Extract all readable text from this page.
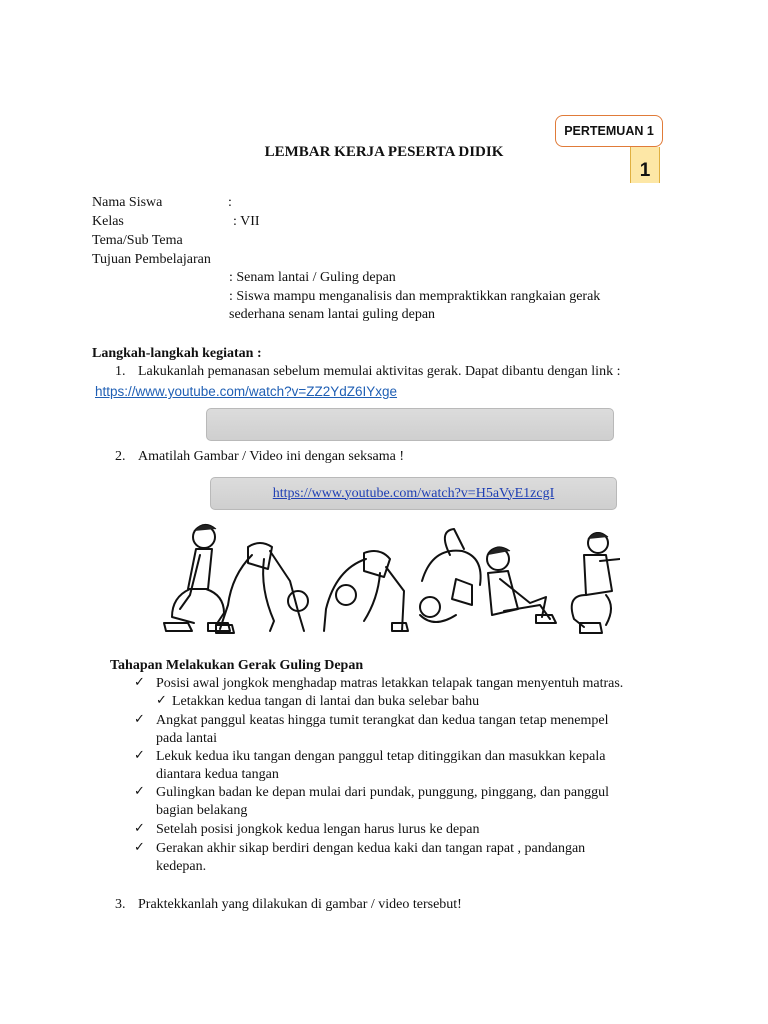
PERTEMUAN 1
1
LEMBAR KERJA PESERTA DIDIK
Nama Siswa	:
Kelas	: VII
Tema/Sub Tema
Tujuan Pembelajaran
: Senam lantai / Guling depan
: Siswa mampu menganalisis dan mempraktikkan rangkaian gerak
sederhana senam lantai guling depan
Langkah-langkah kegiatan :
1. Lakukanlah pemanasan sebelum memulai aktivitas gerak. Dapat dibantu dengan link :
https://www.youtube.com/watch?v=ZZ2YdZ6IYxge
2. Amatilah Gambar / Video ini dengan seksama !
https://www.youtube.com/watch?v=H5aVyE1zcgI
Tahapan Melakukan Gerak Guling Depan
✓ Posisi awal jongkok menghadap matras letakkan telapak tangan menyentuh matras.
✓ Letakkan kedua tangan di lantai dan buka selebar bahu
✓ Angkat panggul keatas hingga tumit terangkat dan kedua tangan tetap menempel
pada lantai
✓ Lekuk kedua iku tangan dengan panggul tetap ditinggikan dan masukkan kepala
diantara kedua tangan
✓ Gulingkan badan ke depan mulai dari pundak, punggung, pinggang, dan panggul
bagian belakang
✓ Setelah posisi jongkok kedua lengan harus lurus ke depan
✓ Gerakan akhir sikap berdiri dengan kedua kaki dan tangan rapat , pandangan
kedepan.
3. Praktekkanlah yang dilakukan di gambar / video tersebut!
